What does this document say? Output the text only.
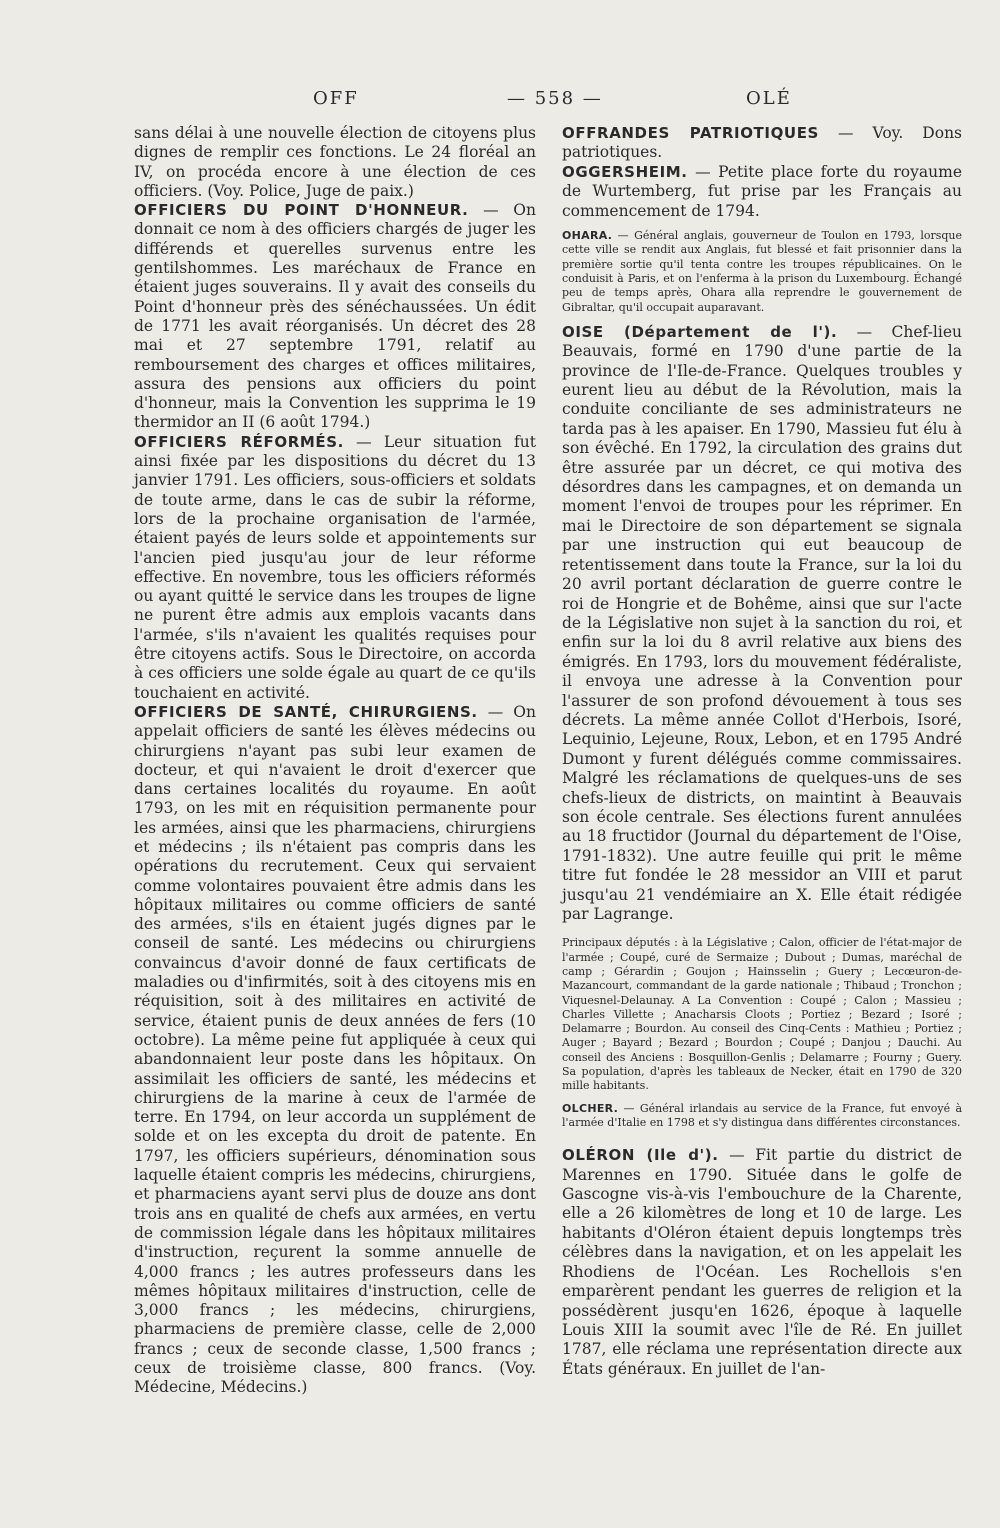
OFF	— 558 —	OLÉ

sans délai à une nouvelle élection de citoyens plus dignes de remplir ces fonctions. Le 24 floréal an IV, on procéda encore à une élection de ces officiers. (Voy. Police, Juge de paix.)

OFFICIERS DU POINT D'HONNEUR. — On donnait ce nom à des officiers chargés de juger les différends et querelles survenus entre les gentilshommes. Les maréchaux de France en étaient juges souverains. Il y avait des conseils du Point d'honneur près des sénéchaussées. Un édit de 1771 les avait réorganisés. Un décret des 28 mai et 27 septembre 1791, relatif au remboursement des charges et offices militaires, assura des pensions aux officiers du point d'honneur, mais la Convention les supprima le 19 thermidor an II (6 août 1794.)

OFFICIERS RÉFORMÉS. — Leur situation fut ainsi fixée par les dispositions du décret du 13 janvier 1791. Les officiers, sous-officiers et soldats de toute arme, dans le cas de subir la réforme, lors de la prochaine organisation de l'armée, étaient payés de leurs solde et appointements sur l'ancien pied jusqu'au jour de leur réforme effective. En novembre, tous les officiers réformés ou ayant quitté le service dans les troupes de ligne ne purent être admis aux emplois vacants dans l'armée, s'ils n'avaient les qualités requises pour être citoyens actifs. Sous le Directoire, on accorda à ces officiers une solde égale au quart de ce qu'ils touchaient en activité.

OFFICIERS DE SANTÉ, CHIRURGIENS. — On appelait officiers de santé les élèves médecins ou chirurgiens n'ayant pas subi leur examen de docteur, et qui n'avaient le droit d'exercer que dans certaines localités du royaume. En août 1793, on les mit en réquisition permanente pour les armées, ainsi que les pharmaciens, chirurgiens et médecins ; ils n'étaient pas compris dans les opérations du recrutement. Ceux qui servaient comme volontaires pouvaient être admis dans les hôpitaux militaires ou comme officiers de santé des armées, s'ils en étaient jugés dignes par le conseil de santé. Les médecins ou chirurgiens convaincus d'avoir donné de faux certificats de maladies ou d'infirmités, soit à des citoyens mis en réquisition, soit à des militaires en activité de service, étaient punis de deux années de fers (10 octobre). La même peine fut appliquée à ceux qui abandonnaient leur poste dans les hôpitaux. On assimilait les officiers de santé, les médecins et chirurgiens de la marine à ceux de l'armée de terre. En 1794, on leur accorda un supplément de solde et on les excepta du droit de patente. En 1797, les officiers supérieurs, dénomination sous laquelle étaient compris les médecins, chirurgiens, et pharmaciens ayant servi plus de douze ans dont trois ans en qualité de chefs aux armées, en vertu de commission légale dans les hôpitaux militaires d'instruction, reçurent la somme annuelle de 4,000 francs ; les autres professeurs dans les mêmes hôpitaux militaires d'instruction, celle de 3,000 francs ; les médecins, chirurgiens, pharmaciens de première classe, celle de 2,000 francs ; ceux de seconde classe, 1,500 francs ; ceux de troisième classe, 800 francs. (Voy. Médecine, Médecins.)

OFFRANDES PATRIOTIQUES — Voy. Dons patriotiques.

OGGERSHEIM. — Petite place forte du royaume de Wurtemberg, fut prise par les Français au commencement de 1794.

OHARA. — Général anglais, gouverneur de Toulon en 1793, lorsque cette ville se rendit aux Anglais, fut blessé et fait prisonnier dans la première sortie qu'il tenta contre les troupes républicaines. On le conduisit à Paris, et on l'enferma à la prison du Luxembourg. Échangé peu de temps après, Ohara alla reprendre le gouvernement de Gibraltar, qu'il occupait auparavant.

OISE (Département de l'). — Chef-lieu Beauvais, formé en 1790 d'une partie de la province de l'Ile-de-France. Quelques troubles y eurent lieu au début de la Révolution, mais la conduite conciliante de ses administrateurs ne tarda pas à les apaiser. En 1790, Massieu fut élu à son évêché. En 1792, la circulation des grains dut être assurée par un décret, ce qui motiva des désordres dans les campagnes, et on demanda un moment l'envoi de troupes pour les réprimer. En mai le Directoire de son département se signala par une instruction qui eut beaucoup de retentissement dans toute la France, sur la loi du 20 avril portant déclaration de guerre contre le roi de Hongrie et de Bohême, ainsi que sur l'acte de la Législative non sujet à la sanction du roi, et enfin sur la loi du 8 avril relative aux biens des émigrés. En 1793, lors du mouvement fédéraliste, il envoya une adresse à la Convention pour l'assurer de son profond dévouement à tous ses décrets. La même année Collot d'Herbois, Isoré, Lequinio, Lejeune, Roux, Lebon, et en 1795 André Dumont y furent délégués comme commissaires. Malgré les réclamations de quelques-uns de ses chefs-lieux de districts, on maintint à Beauvais son école centrale. Ses élections furent annulées au 18 fructidor (Journal du département de l'Oise, 1791-1832). Une autre feuille qui prit le même titre fut fondée le 28 messidor an VIII et parut jusqu'au 21 vendémiaire an X. Elle était rédigée par Lagrange.

Principaux députés : à la Législative ; Calon, officier de l'état-major de l'armée ; Coupé, curé de Sermaize ; Dubout ; Dumas, maréchal de camp ; Gérardin ; Goujon ; Hainsselin ; Guery ; Lecœuron-de-Mazancourt, commandant de la garde nationale ; Thibaud ; Tronchon ; Viquesnel-Delaunay. A La Convention : Coupé ; Calon ; Massieu ; Charles Villette ; Anacharsis Cloots ; Portiez ; Bezard ; Isoré ; Delamarre ; Bourdon. Au conseil des Cinq-Cents : Mathieu ; Portiez ; Auger ; Bayard ; Bezard ; Bourdon ; Coupé ; Danjou ; Dauchi. Au conseil des Anciens : Bosquillon-Genlis ; Delamarre ; Fourny ; Guery. Sa population, d'après les tableaux de Necker, était en 1790 de 320 mille habitants.

OLCHER. — Général irlandais au service de la France, fut envoyé à l'armée d'Italie en 1798 et s'y distingua dans différentes circonstances.

OLÉRON (Ile d'). — Fit partie du district de Marennes en 1790. Située dans le golfe de Gascogne vis-à-vis l'embouchure de la Charente, elle a 26 kilomètres de long et 10 de large. Les habitants d'Oléron étaient depuis longtemps très célèbres dans la navigation, et on les appelait les Rhodiens de l'Océan. Les Rochellois s'en emparèrent pendant les guerres de religion et la possédèrent jusqu'en 1626, époque à laquelle Louis XIII la soumit avec l'île de Ré. En juillet 1787, elle réclama une représentation directe aux États généraux. En juillet de l'an-
